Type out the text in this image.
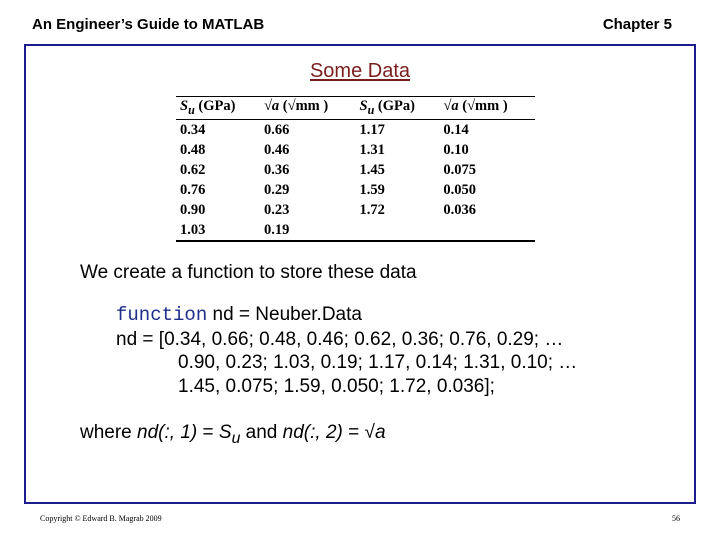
An Engineer’s Guide to MATLAB	Chapter 5
Some Data
$S_u$ (GPa)	√a (√mm )	$S_u$ (GPa)	√a (√mm )
0.34	0.66	1.17	0.14
0.48	0.46	1.31	0.10
0.62	0.36	1.45	0.075
0.76	0.29	1.59	0.050
0.90	0.23	1.72	0.036
1.03	0.19		
We create a function to store these data
function nd = Neuber.Data
nd = [0.34, 0.66; 0.48, 0.46; 0.62, 0.36; 0.76, 0.29; …
0.90, 0.23; 1.03, 0.19; 1.17, 0.14; 1.31, 0.10; …
1.45, 0.075; 1.59, 0.050; 1.72, 0.036];
where nd(:, $1) = S_u$ and nd(:, 2) = √a
Copyright © Edward B. Magrab 2009	56
